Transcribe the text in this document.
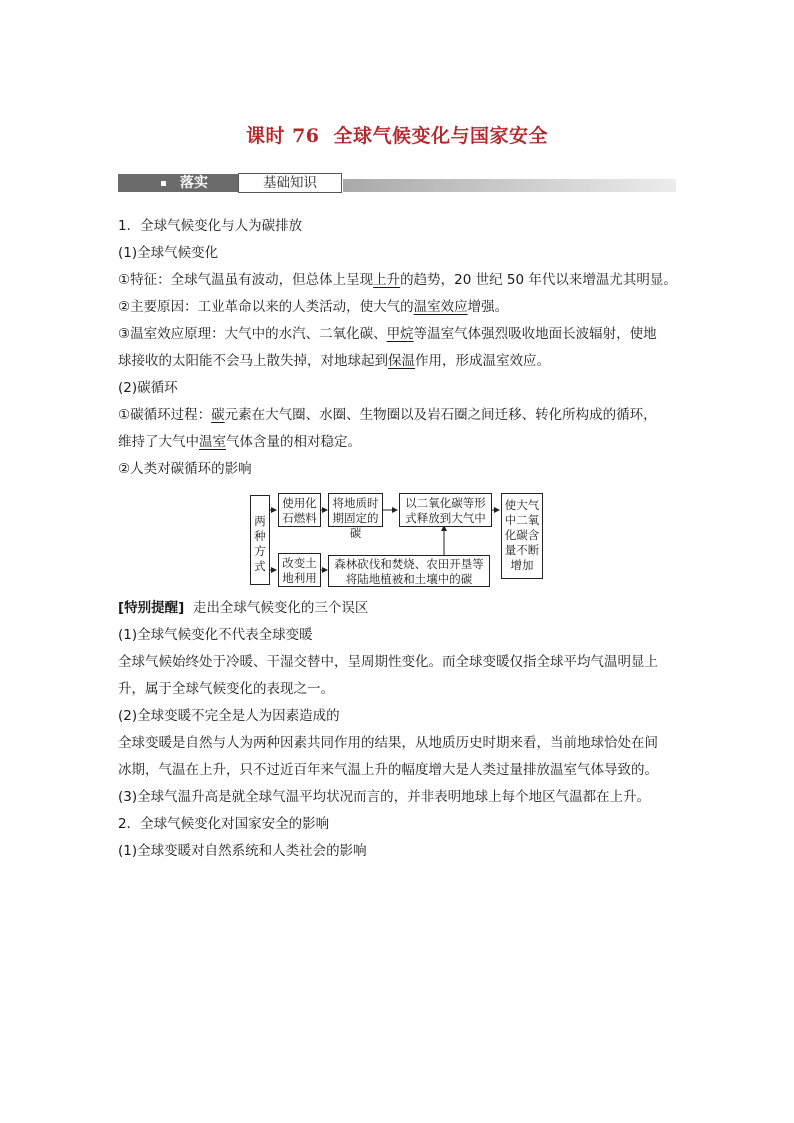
课时 76 全球气候变化与国家安全
落实	基础知识
1．全球气候变化与人为碳排放
(1)全球气候变化
①特征：全球气温虽有波动，但总体上呈现上升的趋势，20 世纪 50 年代以来增温尤其明显。
②主要原因：工业革命以来的人类活动，使大气的温室效应增强。
③温室效应原理：大气中的水汽、二氧化碳、甲烷等温室气体强烈吸收地面长波辐射，使地
球接收的太阳能不会马上散失掉，对地球起到保温作用，形成温室效应。
(2)碳循环
①碳循环过程：碳元素在大气圈、水圈、生物圈以及岩石圈之间迁移、转化所构成的循环，
维持了大气中温室气体含量的相对稳定。
②人类对碳循环的影响
两种方式
使用化石燃料
将地质时期固定的碳
以二氧化碳等形式释放到大气中
使大气中二氧化碳含量不断增加
改变土地利用
森林砍伐和焚烧、农田开垦等将陆地植被和土壤中的碳
[特别提醒] 走出全球气候变化的三个误区
(1)全球气候变化不代表全球变暖
全球气候始终处于冷暖、干湿交替中，呈周期性变化。而全球变暖仅指全球平均气温明显上
升，属于全球气候变化的表现之一。
(2)全球变暖不完全是人为因素造成的
全球变暖是自然与人为两种因素共同作用的结果，从地质历史时期来看，当前地球恰处在间
冰期，气温在上升，只不过近百年来气温上升的幅度增大是人类过量排放温室气体导致的。
(3)全球气温升高是就全球气温平均状况而言的，并非表明地球上每个地区气温都在上升。
2．全球气候变化对国家安全的影响
(1)全球变暖对自然系统和人类社会的影响
